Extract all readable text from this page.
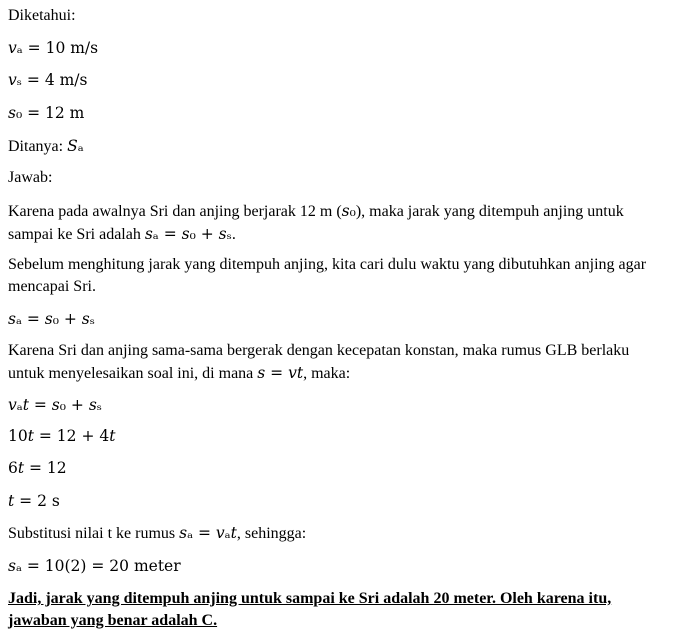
Diketahui:
𝑣ₐ = 10 m/s
𝑣ₛ = 4 m/s
𝑠₀ = 12 m
Ditanya: 𝑆ₐ
Jawab:
Karena pada awalnya Sri dan anjing berjarak 12 m (𝑠₀), maka jarak yang ditempuh anjing untuk sampai ke Sri adalah 𝑠ₐ = 𝑠₀ + 𝑠ₛ.
Sebelum menghitung jarak yang ditempuh anjing, kita cari dulu waktu yang dibutuhkan anjing agar mencapai Sri.
𝑠ₐ = 𝑠₀ + 𝑠ₛ
Karena Sri dan anjing sama-sama bergerak dengan kecepatan konstan, maka rumus GLB berlaku untuk menyelesaikan soal ini, di mana 𝑠 = 𝑣𝑡, maka:
𝑣ₐ𝑡 = 𝑠₀ + 𝑠ₛ
10𝑡 = 12 + 4𝑡
6𝑡 = 12
𝑡 = 2 s
Substitusi nilai t ke rumus 𝑠ₐ = 𝑣ₐ𝑡, sehingga:
𝑠ₐ = 10(2) = 20 meter
Jadi, jarak yang ditempuh anjing untuk sampai ke Sri adalah 20 meter. Oleh karena itu, jawaban yang benar adalah C.
